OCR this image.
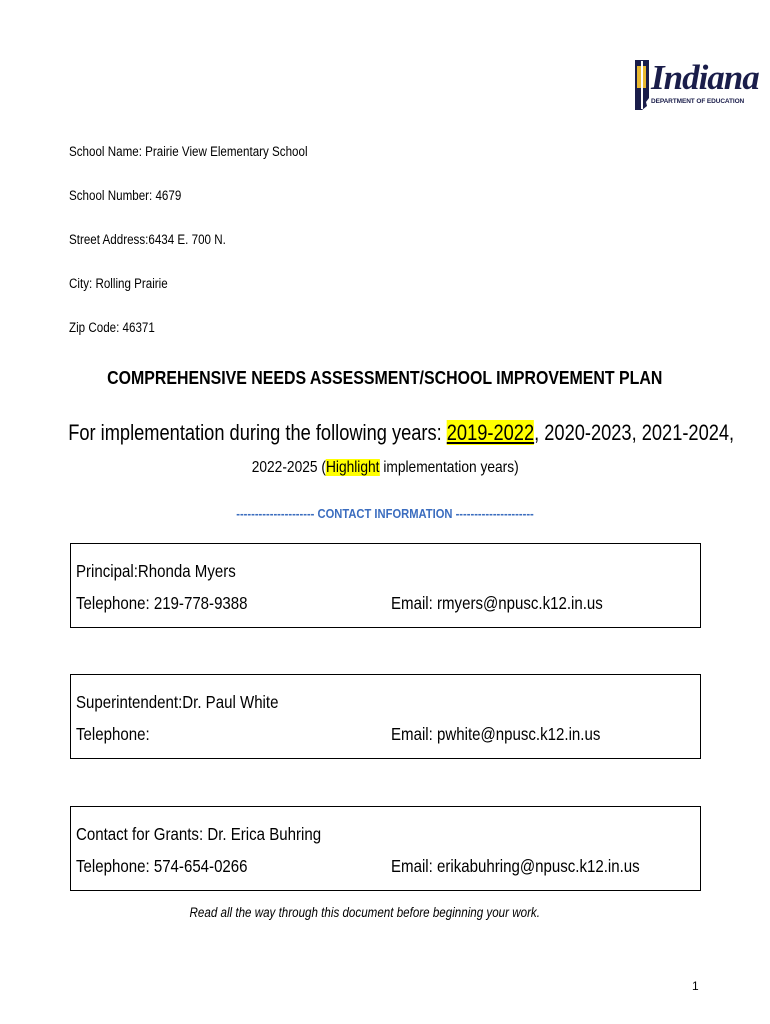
Indiana
DEPARTMENT OF EDUCATION
School Name: Prairie View Elementary School
School Number: 4679
Street Address:6434 E. 700 N.
City: Rolling Prairie
Zip Code: 46371
COMPREHENSIVE NEEDS ASSESSMENT/SCHOOL IMPROVEMENT PLAN
For implementation during the following years: 2019-2022, 2020-2023, 2021-2024,
2022-2025 (Highlight implementation years)
--------------------- CONTACT INFORMATION ---------------------
Principal:Rhonda Myers
Telephone: 219-778-9388	Email: rmyers@npusc.k12.in.us
Superintendent:Dr. Paul White
Telephone:	Email: pwhite@npusc.k12.in.us
Contact for Grants: Dr. Erica Buhring
Telephone: 574-654-0266	Email: erikabuhring@npusc.k12.in.us
Read all the way through this document before beginning your work.
1
